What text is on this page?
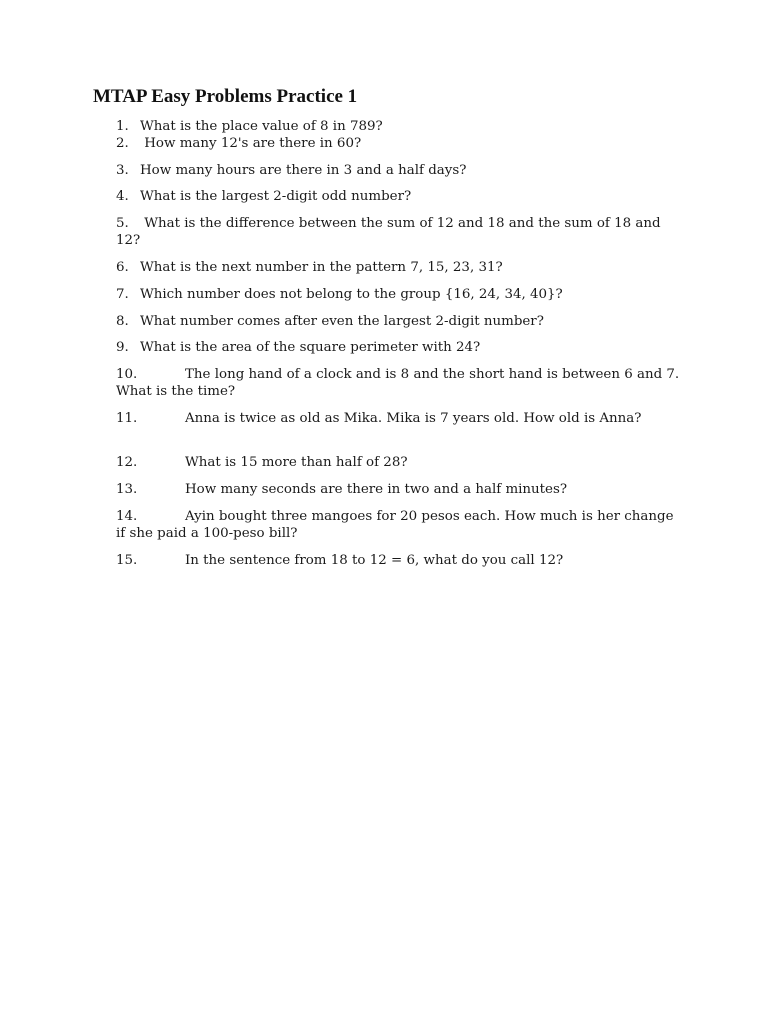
MTAP Easy Problems Practice 1

1. What is the place value of 8 in 789?

2. How many 12's are there in 60?

3. How many hours are there in 3 and a half days?

4. What is the largest 2-digit odd number?

5. What is the difference between the sum of 12 and 18 and the sum of 18 and 12?

6. What is the next number in the pattern 7, 15, 23, 31?

7. Which number does not belong to the group {16, 24, 34, 40}?

8. What number comes after even the largest 2-digit number?

9. What is the area of the square perimeter with 24?

10.	The long hand of a clock and is 8 and the short hand is between 6 and 7. What is the time?

11.	Anna is twice as old as Mika. Mika is 7 years old. How old is Anna?

12.	What is 15 more than half of 28?

13.	How many seconds are there in two and a half minutes?

14.	Ayin bought three mangoes for 20 pesos each. How much is her change if she paid a 100-peso bill?

15.	In the sentence from 18 to 12 = 6, what do you call 12?
